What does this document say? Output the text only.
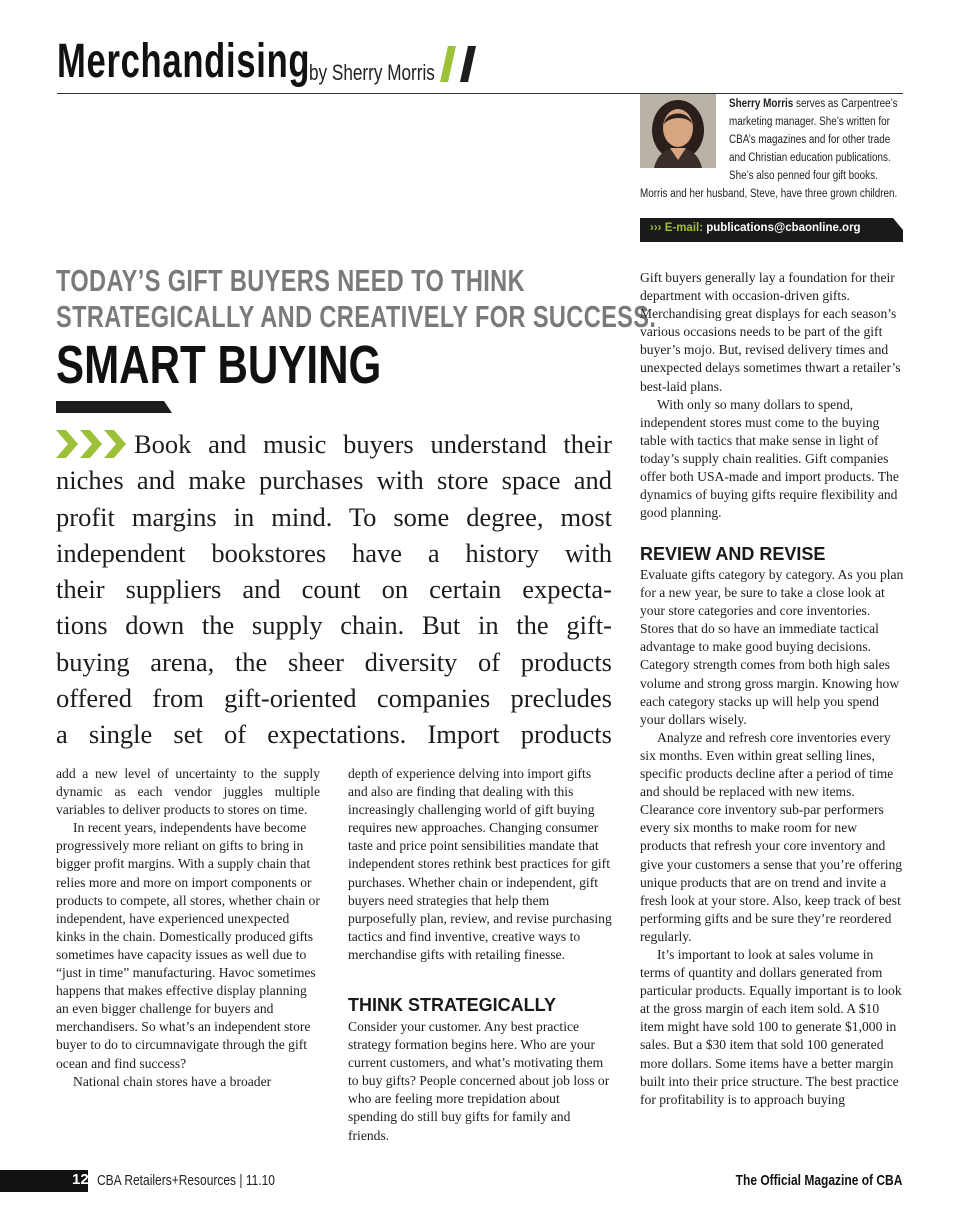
Merchandising
by Sherry Morris
Sherry Morris serves as Carpentree’s
marketing manager. She’s written for
CBA’s magazines and for other trade
and Christian education publications.
She’s also penned four gift books.
Morris and her husband, Steve, have three grown children.
››› E-mail: publications@cbaonline.org
TODAY’S GIFT BUYERS NEED TO THINK
STRATEGICALLY AND CREATIVELY FOR SUCCESS.
SMART BUYING
Book and music buyers understand their
niches and make purchases with store space and
profit margins in mind. To some degree, most
independent bookstores have a history with
their suppliers and count on certain expecta-
tions down the supply chain. But in the gift-
buying arena, the sheer diversity of products
offered from gift-oriented companies precludes
a single set of expectations. Import products

add a new level of uncertainty to the supply dynamic as each vendor juggles multiple variables to deliver products to stores on time.

In recent years, independents have become progressively more reliant on gifts to bring in bigger profit margins. With a supply chain that relies more and more on import components or products to compete, all stores, whether chain or independent, have experienced unexpected kinks in the chain. Domestically produced gifts sometimes have capacity issues as well due to “just in time” manufacturing. Havoc sometimes happens that makes effective display planning an even bigger challenge for buyers and merchandisers. So what’s an independent store buyer to do to circumnavigate through the gift ocean and find success?

National chain stores have a broader

depth of experience delving into import gifts and also are finding that dealing with this increasingly challenging world of gift buying requires new approaches. Changing consumer taste and price point sensibilities mandate that independent stores rethink best practices for gift purchases. Whether chain or independent, gift buyers need strategies that help them purposefully plan, review, and revise purchasing tactics and find inventive, creative ways to merchandise gifts with retailing finesse.

THINK STRATEGICALLY

Consider your customer. Any best practice strategy formation begins here. Who are your current customers, and what’s motivating them to buy gifts? People concerned about job loss or who are feeling more trepidation about spending do still buy gifts for family and friends.

Gift buyers generally lay a foundation for their department with occasion-driven gifts. Merchandising great displays for each season’s various occasions needs to be part of the gift buyer’s mojo. But, revised delivery times and unexpected delays sometimes thwart a retailer’s best-laid plans.

With only so many dollars to spend, independent stores must come to the buying table with tactics that make sense in light of today’s supply chain realities. Gift companies offer both USA-made and import products. The dynamics of buying gifts require flexibility and good planning.

REVIEW AND REVISE

Evaluate gifts category by category. As you plan for a new year, be sure to take a close look at your store categories and core inventories. Stores that do so have an immediate tactical advantage to make good buying decisions. Category strength comes from both high sales volume and strong gross margin. Knowing how each category stacks up will help you spend your dollars wisely.

Analyze and refresh core inventories every six months. Even within great selling lines, specific products decline after a period of time and should be replaced with new items. Clearance core inventory sub-par performers every six months to make room for new products that refresh your core inventory and give your customers a sense that you’re offering unique products that are on trend and invite a fresh look at your store. Also, keep track of best performing gifts and be sure they’re reordered regularly.

It’s important to look at sales volume in terms of quantity and dollars generated from particular products. Equally important is to look at the gross margin of each item sold. A $10 item might have sold 100 to generate $1,000 in sales. But a $30 item that sold 100 generated more dollars. Some items have a better margin built into their price structure. The best practice for profitability is to approach buying

12 CBA Retailers+Resources | 11.10	The Official Magazine of CBA
